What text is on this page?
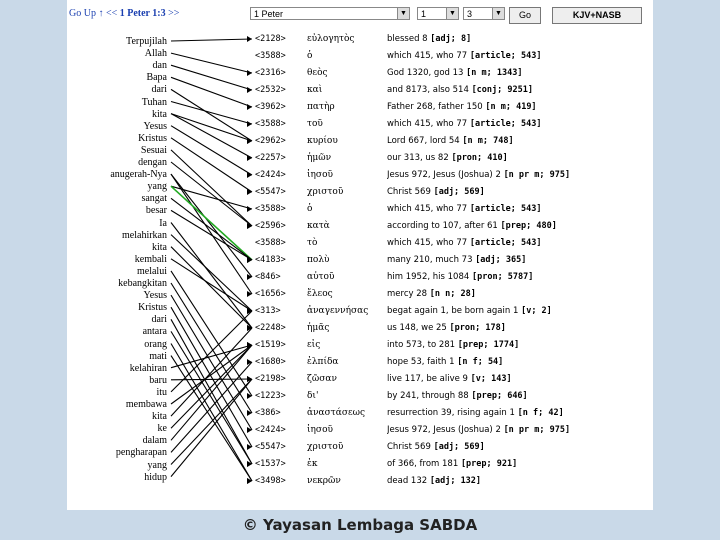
Go Up ↑ << 1 Peter 1:3 >>	1 Peter	▼	1	▼	3	▼	Go	KJV+NASB
Terpujilah
Allah
dan
Bapa
dari
Tuhan
kita
Yesus
Kristus
Sesuai
dengan
anugerah-Nya
yang
sangat
besar
Ia
melahirkan
kita
kembali
melalui
kebangkitan
Yesus
Kristus
dari
antara
orang
mati
kelahiran
baru
itu
membawa
kita
ke
dalam
pengharapan
yang
hidup
<2128>	εὐλογητὸς	blessed 8 [adj; 8]
<3588>	ὁ	which 415, who 77 [article; 543]
<2316>	θεὸς	God 1320, god 13 [n m; 1343]
<2532>	καὶ	and 8173, also 514 [conj; 9251]
<3962>	πατὴρ	Father 268, father 150 [n m; 419]
<3588>	τοῦ	which 415, who 77 [article; 543]
<2962>	κυρίου	Lord 667, lord 54 [n m; 748]
<2257>	ἡμῶν	our 313, us 82 [pron; 410]
<2424>	ἰησοῦ	Jesus 972, Jesus (Joshua) 2 [n pr m; 975]
<5547>	χριστοῦ	Christ 569 [adj; 569]
<3588>	ὁ	which 415, who 77 [article; 543]
<2596>	κατὰ	according to 107, after 61 [prep; 480]
<3588>	τὸ	which 415, who 77 [article; 543]
<4183>	πολὺ	many 210, much 73 [adj; 365]
<846>	αὐτοῦ	him 1952, his 1084 [pron; 5787]
<1656>	ἔλεος	mercy 28 [n n; 28]
<313>	ἀναγεννήσας	begat again 1, be born again 1 [v; 2]
<2248>	ἡμᾶς	us 148, we 25 [pron; 178]
<1519>	εἰς	into 573, to 281 [prep; 1774]
<1680>	ἐλπίδα	hope 53, faith 1 [n f; 54]
<2198>	ζῶσαν	live 117, be alive 9 [v; 143]
<1223>	δι'	by 241, through 88 [prep; 646]
<386>	ἀναστάσεως	resurrection 39, rising again 1 [n f; 42]
<2424>	ἰησοῦ	Jesus 972, Jesus (Joshua) 2 [n pr m; 975]
<5547>	χριστοῦ	Christ 569 [adj; 569]
<1537>	ἐκ	of 366, from 181 [prep; 921]
<3498>	νεκρῶν	dead 132 [adj; 132]
© Yayasan Lembaga SABDA
